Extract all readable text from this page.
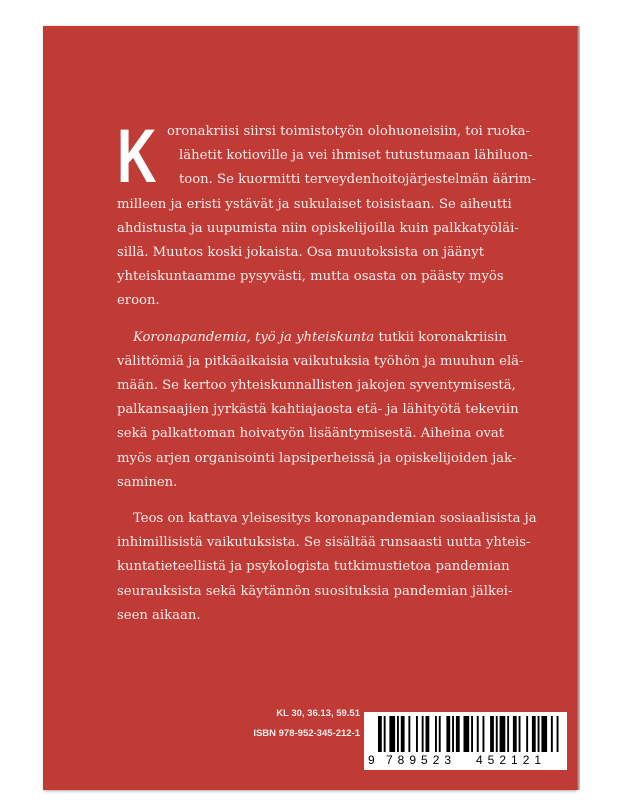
K oronakriisi siirsi toimistotyön olohuoneisiin, toi ruoka-
lähetit kotioville ja vei ihmiset tutustumaan lähiluon-
toon. Se kuormitti terveydenhoitojärjestelmän äärim-
milleen ja eristi ystävät ja sukulaiset toisistaan. Se aiheutti
ahdistusta ja uupumista niin opiskelijoilla kuin palkkatyöläi-
sillä. Muutos koski jokaista. Osa muutoksista on jäänyt
yhteiskuntaamme pysyvästi, mutta osasta on päästy myös
eroon.

Koronapandemia, työ ja yhteiskunta tutkii koronakriisin
välittömiä ja pitkäaikaisia vaikutuksia työhön ja muuhun elä-
mään. Se kertoo yhteiskunnallisten jakojen syventymisestä,
palkansaajien jyrkästä kahtiajaosta etä- ja lähityötä tekeviin
sekä palkattoman hoivatyön lisääntymisestä. Aiheina ovat
myös arjen organisointi lapsiperheissä ja opiskelijoiden jak-
saminen.

Teos on kattava yleisesitys koronapandemian sosiaalisista ja
inhimillisistä vaikutuksista. Se sisältää runsaasti uutta yhteis-
kuntatieteellistä ja psykologista tutkimustietoa pandemian
seurauksista sekä käytännön suosituksia pandemian jälkei-
seen aikaan.

KL 30, 36.13, 59.51
ISBN 978-952-345-212-1
9 789523 452121
